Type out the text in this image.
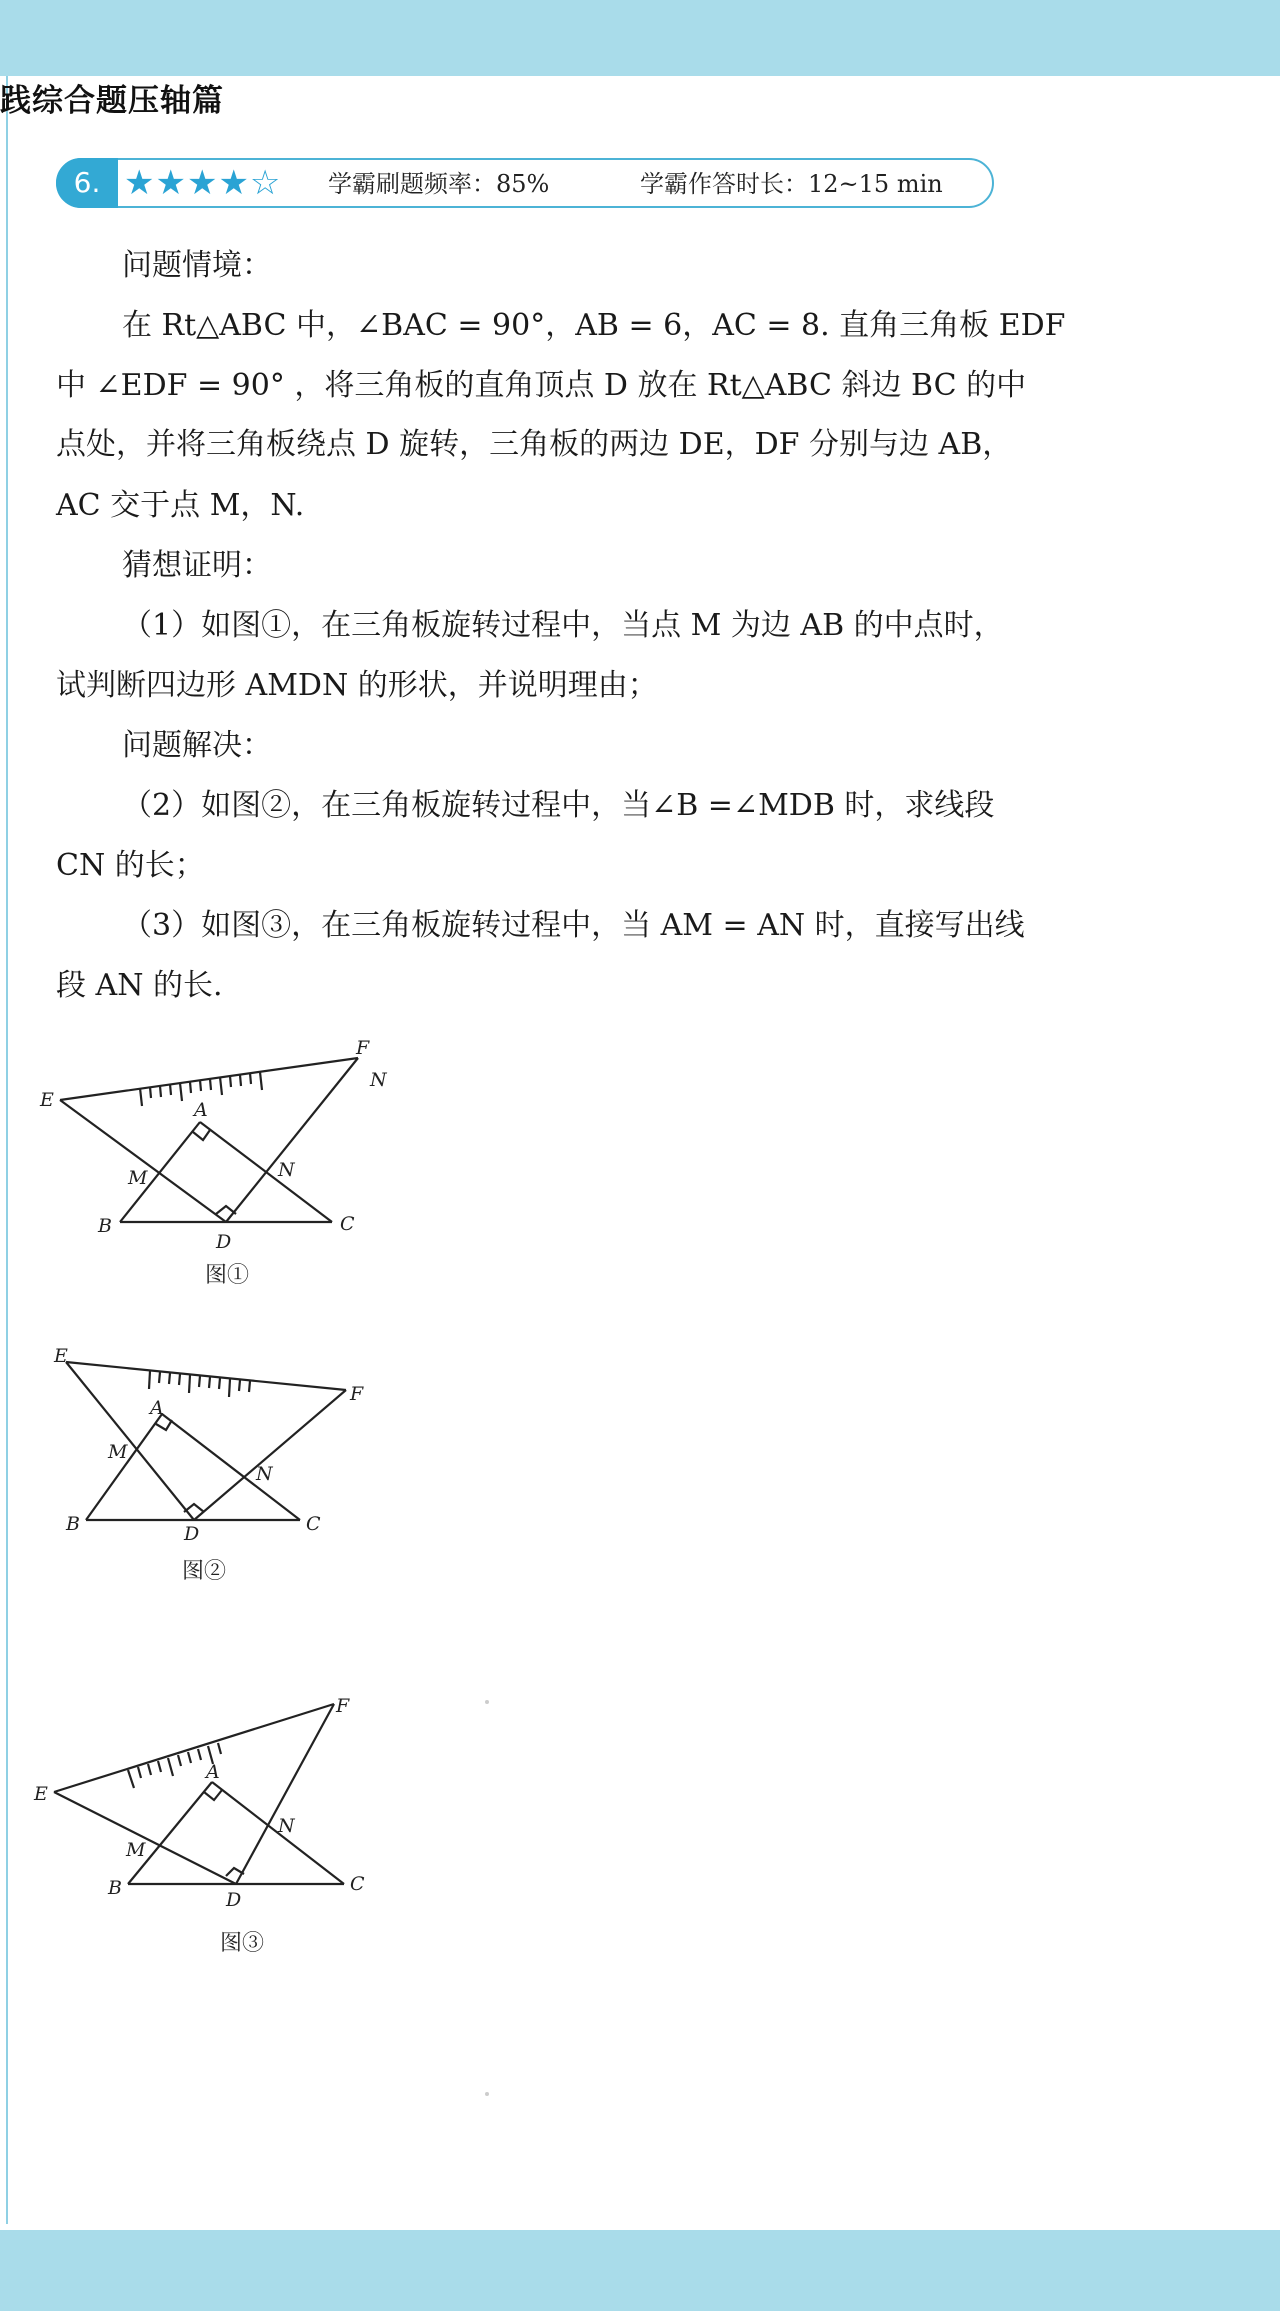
践综合题压轴篇
6. ★★★★☆ 学霸刷题频率：85%	学霸作答时长：12~15 min
问题情境：
在 Rt△ABC 中，∠BAC = 90°，AB = 6，AC = 8. 直角三角板 EDF
中 ∠EDF = 90° ，将三角板的直角顶点 D 放在 Rt△ABC 斜边 BC 的中
点处，并将三角板绕点 D 旋转，三角板的两边 DE，DF 分别与边 AB，
AC 交于点 M，N.
猜想证明：
（1）如图①，在三角板旋转过程中，当点 M 为边 AB 的中点时，
试判断四边形 AMDN 的形状，并说明理由；
问题解决：
（2）如图②，在三角板旋转过程中，当∠B =∠MDB 时，求线段
CN 的长；
（3）如图③，在三角板旋转过程中，当 AM = AN 时，直接写出线
段 AN 的长.
E
F
N
A
M	N
B
D
C
图①
E
F
A
M
N
B	D	C
图②
E
F
A
M
N
B
D
C
图③
